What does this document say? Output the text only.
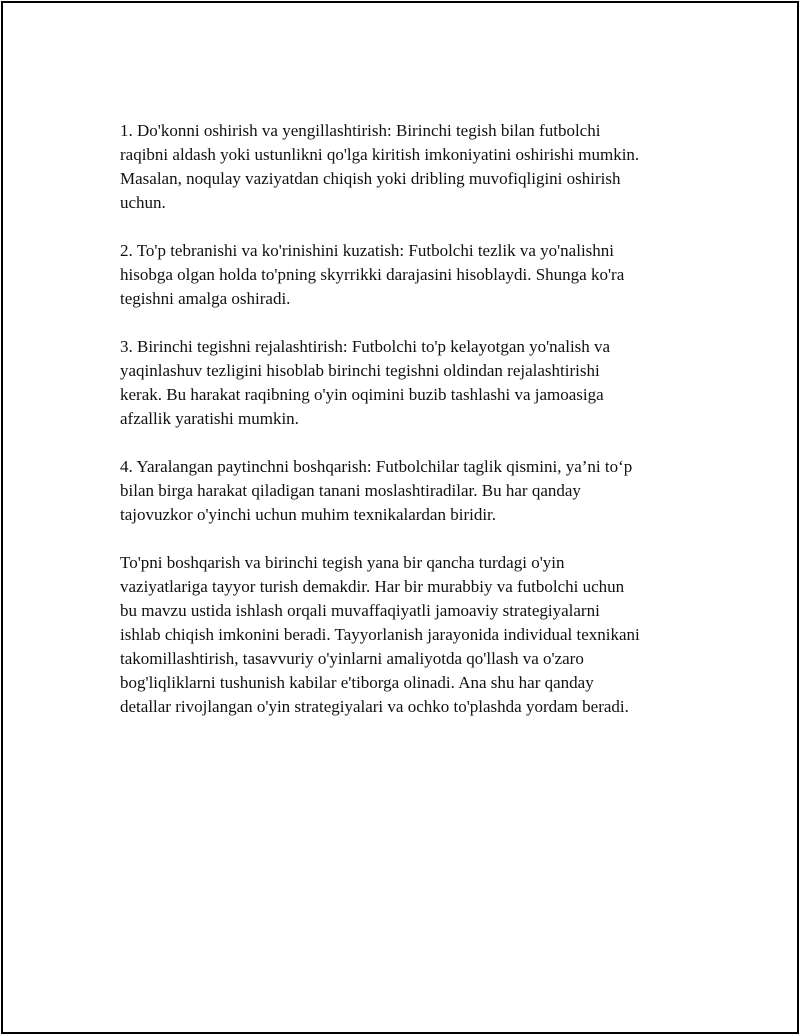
1. Do'konni oshirish va yengillashtirish: Birinchi tegish bilan futbolchi
raqibni aldash yoki ustunlikni qo'lga kiritish imkoniyatini oshirishi mumkin.
Masalan, noqulay vaziyatdan chiqish yoki dribling muvofiqligini oshirish
uchun.

2. To'p tebranishi va ko'rinishini kuzatish: Futbolchi tezlik va yo'nalishni
hisobga olgan holda to'pning skyrrikki darajasini hisoblaydi. Shunga ko'ra
tegishni amalga oshiradi.

3. Birinchi tegishni rejalashtirish: Futbolchi to'p kelayotgan yo'nalish va
yaqinlashuv tezligini hisoblab birinchi tegishni oldindan rejalashtirishi
kerak. Bu harakat raqibning o'yin oqimini buzib tashlashi va jamoasiga
afzallik yaratishi mumkin.

4. Yaralangan paytinchni boshqarish: Futbolchilar taglik qismini, ya’ni to‘p
bilan birga harakat qiladigan tanani moslashtiradilar. Bu har qanday
tajovuzkor o'yinchi uchun muhim texnikalardan biridir.

To'pni boshqarish va birinchi tegish yana bir qancha turdagi o'yin
vaziyatlariga tayyor turish demakdir. Har bir murabbiy va futbolchi uchun
bu mavzu ustida ishlash orqali muvaffaqiyatli jamoaviy strategiyalarni
ishlab chiqish imkonini beradi. Tayyorlanish jarayonida individual texnikani
takomillashtirish, tasavvuriy o'yinlarni amaliyotda qo'llash va o'zaro
bog'liqliklarni tushunish kabilar e'tiborga olinadi. Ana shu har qanday
detallar rivojlangan o'yin strategiyalari va ochko to'plashda yordam beradi.
